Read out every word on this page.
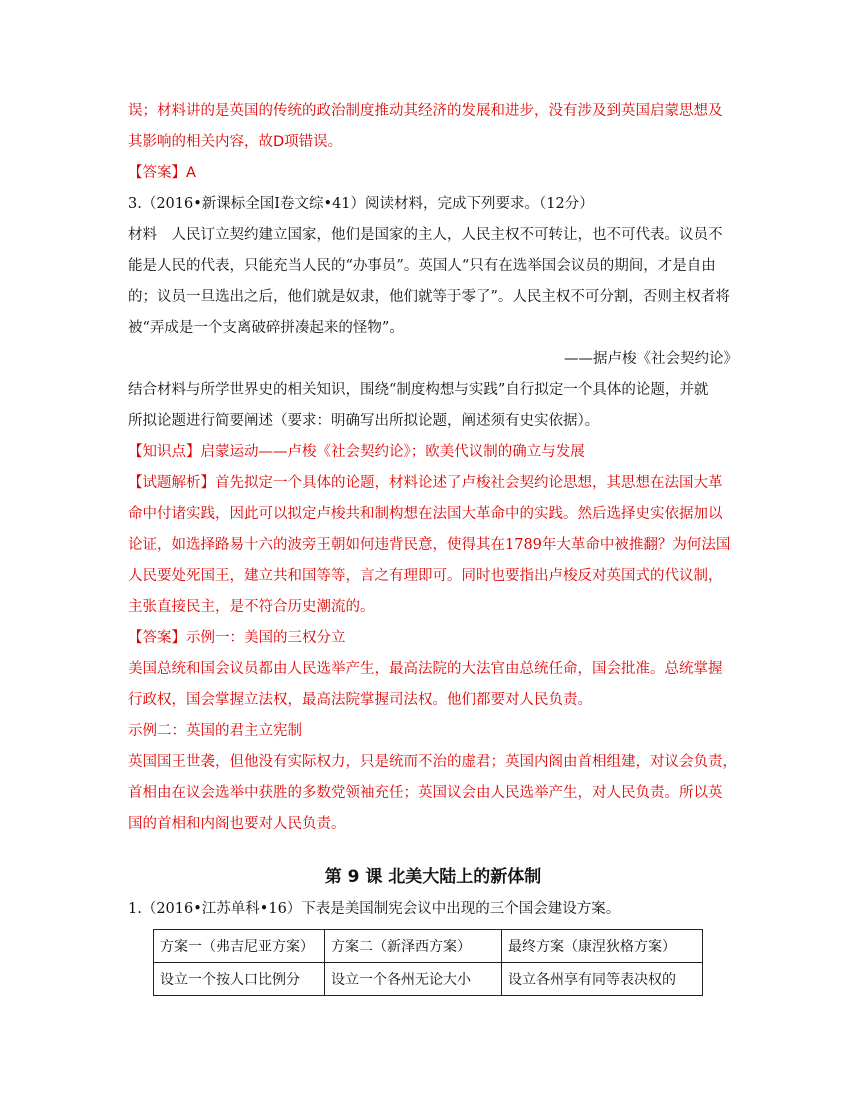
误；材料讲的是英国的传统的政治制度推动其经济的发展和进步，没有涉及到英国启蒙思想及
其影响的相关内容，故D项错误。
【答案】A
3.（2016•新课标全国Ⅰ卷文综•41）阅读材料，完成下列要求。（12分）
材料　人民订立契约建立国家，他们是国家的主人，人民主权不可转让，也不可代表。议员不
能是人民的代表，只能充当人民的“办事员”。英国人“只有在选举国会议员的期间，才是自由
的；议员一旦选出之后，他们就是奴隶，他们就等于零了”。人民主权不可分割，否则主权者将
被“弄成是一个支离破碎拼凑起来的怪物”。
——据卢梭《社会契约论》
结合材料与所学世界史的相关知识，围绕“制度构想与实践”自行拟定一个具体的论题，并就
所拟论题进行简要阐述（要求：明确写出所拟论题，阐述须有史实依据）。
【知识点】启蒙运动——卢梭《社会契约论》；欧美代议制的确立与发展
【试题解析】首先拟定一个具体的论题，材料论述了卢梭社会契约论思想，其思想在法国大革
命中付诸实践，因此可以拟定卢梭共和制构想在法国大革命中的实践。然后选择史实依据加以
论证，如选择路易十六的波旁王朝如何违背民意，使得其在1789年大革命中被推翻？为何法国
人民要处死国王，建立共和国等等，言之有理即可。同时也要指出卢梭反对英国式的代议制，
主张直接民主，是不符合历史潮流的。
【答案】示例一：美国的三权分立
美国总统和国会议员都由人民选举产生，最高法院的大法官由总统任命，国会批准。总统掌握
行政权，国会掌握立法权，最高法院掌握司法权。他们都要对人民负责。
示例二：英国的君主立宪制
英国国王世袭，但他没有实际权力，只是统而不治的虚君；英国内阁由首相组建，对议会负责，
首相由在议会选举中获胜的多数党领袖充任；英国议会由人民选举产生，对人民负责。所以英
国的首相和内阁也要对人民负责。
第 9 课 北美大陆上的新体制
1.（2016•江苏单科•16）下表是美国制宪会议中出现的三个国会建设方案。
方案一（弗吉尼亚方案）	方案二（新泽西方案）	最终方案（康涅狄格方案）
设立一个按人口比例分	设立一个各州无论大小	设立各州享有同等表决权的
